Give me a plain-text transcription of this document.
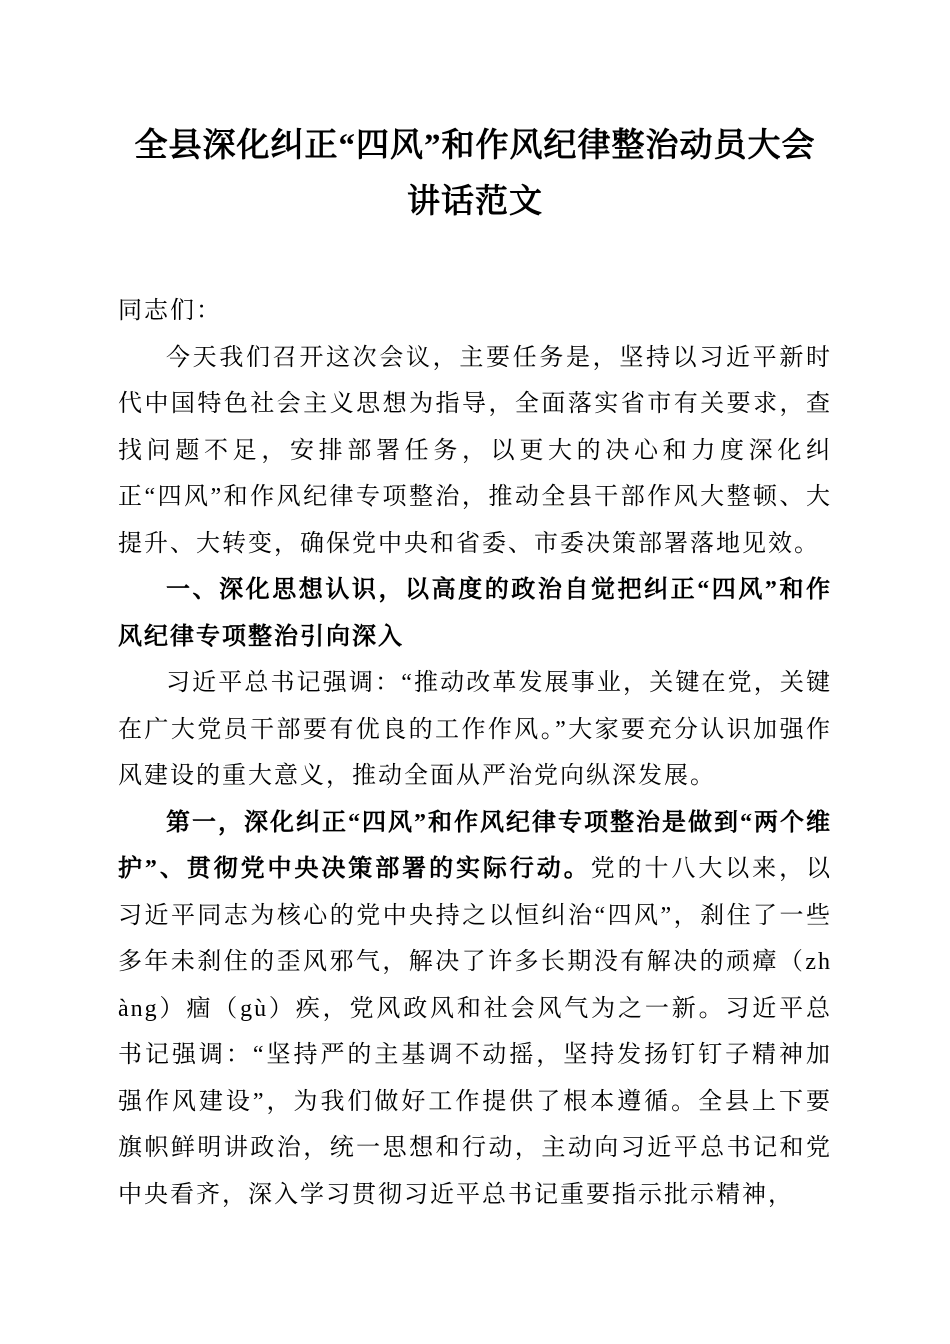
全县深化纠正“四风”和作风纪律整治动员大会讲话范文

同志们：

今天我们召开这次会议，主要任务是，坚持以习近平新时代中国特色社会主义思想为指导，全面落实省市有关要求，查找问题不足，安排部署任务，以更大的决心和力度深化纠正“四风”和作风纪律专项整治，推动全县干部作风大整顿、大提升、大转变，确保党中央和省委、市委决策部署落地见效。

一、深化思想认识，以高度的政治自觉把纠正“四风”和作风纪律专项整治引向深入

习近平总书记强调：“推动改革发展事业，关键在党，关键在广大党员干部要有优良的工作作风。”大家要充分认识加强作风建设的重大意义，推动全面从严治党向纵深发展。

第一，深化纠正“四风”和作风纪律专项整治是做到“两个维护”、贯彻党中央决策部署的实际行动。党的十八大以来，以习近平同志为核心的党中央持之以恒纠治“四风”，刹住了一些多年未刹住的歪风邪气，解决了许多长期没有解决的顽瘴（zhàng）痼（gù）疾，党风政风和社会风气为之一新。习近平总书记强调：“坚持严的主基调不动摇，坚持发扬钉钉子精神加强作风建设”，为我们做好工作提供了根本遵循。全县上下要旗帜鲜明讲政治，统一思想和行动，主动向习近平总书记和党中央看齐，深入学习贯彻习近平总书记重要指示批示精神，
